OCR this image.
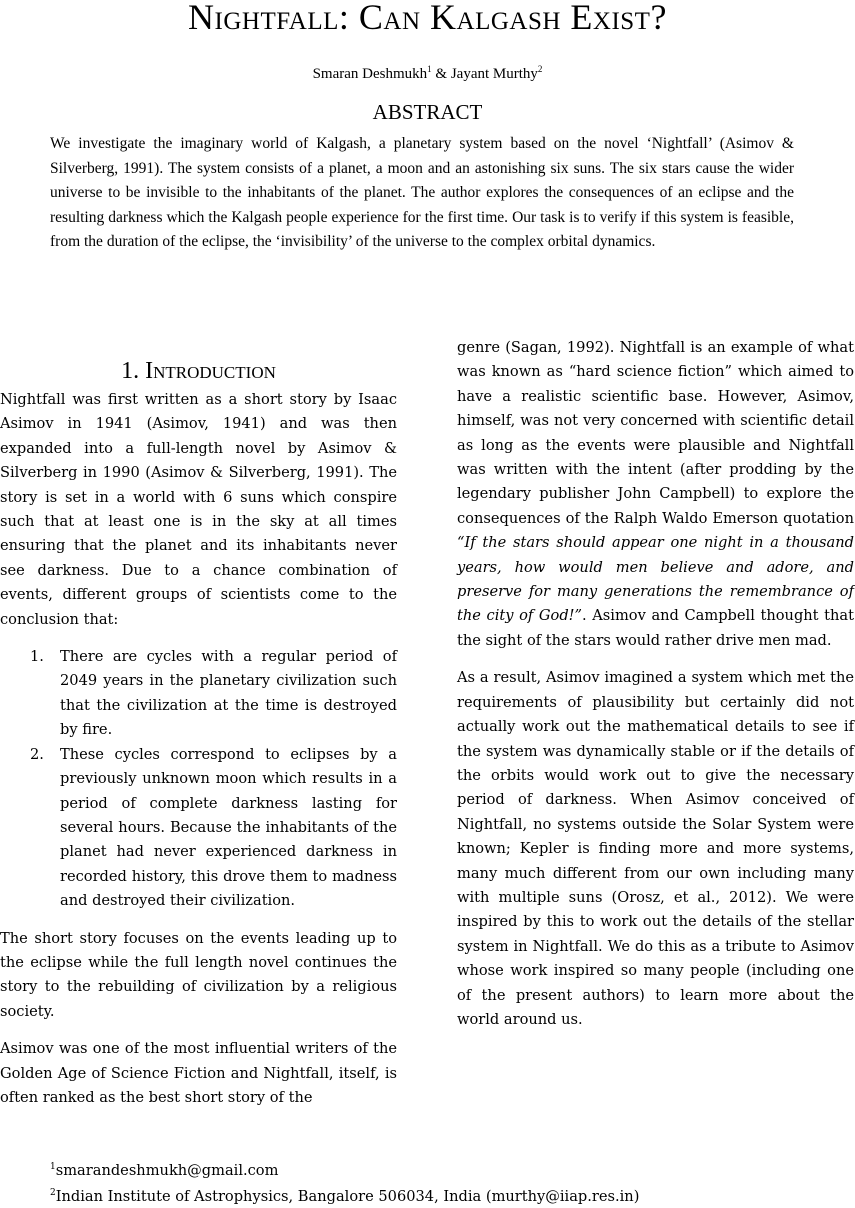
Nightfall: Can Kalgash Exist?
Smaran Deshmukh$^1$ & Jayant Murthy$^2$
ABSTRACT

We investigate the imaginary world of Kalgash, a planetary system based on the novel ‘Nightfall’ (Asimov & Silverberg, 1991). The system consists of a planet, a moon and an astonishing six suns. The six stars cause the wider universe to be invisible to the inhabitants of the planet. The author explores the consequences of an eclipse and the resulting darkness which the Kalgash people experience for the first time. Our task is to verify if this system is feasible, from the duration of the eclipse, the ‘invisibility’ of the universe to the complex orbital dynamics.

1. Introduction

Nightfall was first written as a short story by Isaac Asimov in 1941 (Asimov, 1941) and was then expanded into a full-length novel by Asimov & Silverberg in 1990 (Asimov & Silverberg, 1991). The story is set in a world with 6 suns which conspire such that at least one is in the sky at all times ensuring that the planet and its inhabitants never see darkness. Due to a chance combination of events, different groups of scientists come to the conclusion that:

1. There are cycles with a regular period of 2049 years in the planetary civilization such that the civilization at the time is destroyed by fire.
2. These cycles correspond to eclipses by a previously unknown moon which results in a period of complete darkness lasting for several hours. Because the inhabitants of the planet had never experienced darkness in recorded history, this drove them to madness and destroyed their civilization.

The short story focuses on the events leading up to the eclipse while the full length novel continues the story to the rebuilding of civilization by a religious society.

Asimov was one of the most influential writers of the Golden Age of Science Fiction and Nightfall, itself, is often ranked as the best short story of the

genre (Sagan, 1992). Nightfall is an example of what was known as “hard science fiction” which aimed to have a realistic scientific base. However, Asimov, himself, was not very concerned with scientific detail as long as the events were plausible and Nightfall was written with the intent (after prodding by the legendary publisher John Campbell) to explore the consequences of the Ralph Waldo Emerson quotation “If the stars should appear one night in a thousand years, how would men believe and adore, and preserve for many generations the remembrance of the city of God!”. Asimov and Campbell thought that the sight of the stars would rather drive men mad.

As a result, Asimov imagined a system which met the requirements of plausibility but certainly did not actually work out the mathematical details to see if the system was dynamically stable or if the details of the orbits would work out to give the necessary period of darkness. When Asimov conceived of Nightfall, no systems outside the Solar System were known; Kepler is finding more and more systems, many much different from our own including many with multiple suns (Orosz, et al., 2012). We were inspired by this to work out the details of the stellar system in Nightfall. We do this as a tribute to Asimov whose work inspired so many people (including one of the present authors) to learn more about the world around us.

$^1$smarandeshmukh@gmail.com
$^2$Indian Institute of Astrophysics, Bangalore 506034, India (murthy@iiap.res.in)
